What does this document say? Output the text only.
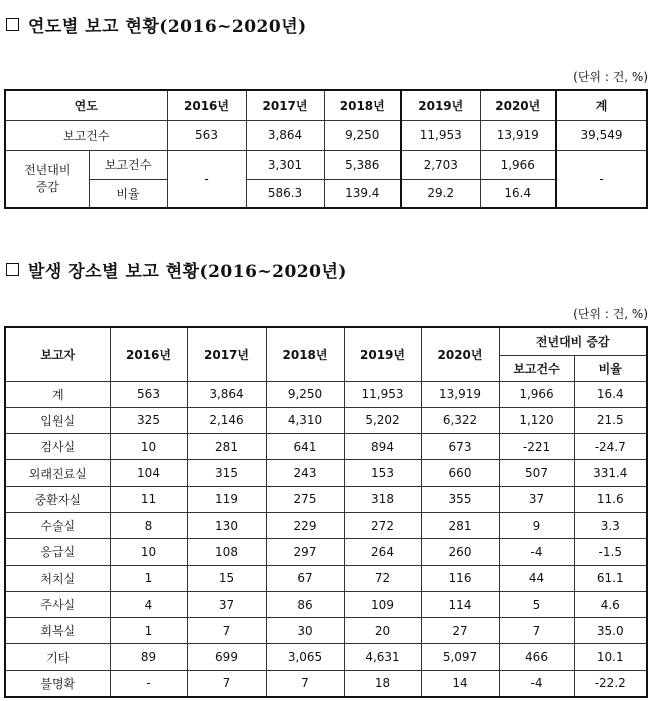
연도별 보고 현황(2016~2020년)
(단위 : 건, %)
연도		2016년	2017년	2018년	2019년	2020년	계
보고건수		563	3,864	9,250	11,953	13,919	39,549
전년대비
증감	보고건수	-	3,301	5,386	2,703	1,966	-
	비율		586.3	139.4	29.2	16.4	
발생 장소별 보고 현황(2016~2020년)
(단위 : 건, %)
보고자	2016년	2017년	2018년	2019년	2020년	전년대비 증감	
						보고건수	비율
계	563	3,864	9,250	11,953	13,919	1,966	16.4
입원실	325	2,146	4,310	5,202	6,322	1,120	21.5
검사실	10	281	641	894	673	-221	-24.7
외래진료실	104	315	243	153	660	507	331.4
중환자실	11	119	275	318	355	37	11.6
수술실	8	130	229	272	281	9	3.3
응급실	10	108	297	264	260	-4	-1.5
처치실	1	15	67	72	116	44	61.1
주사실	4	37	86	109	114	5	4.6
회복실	1	7	30	20	27	7	35.0
기타	89	699	3,065	4,631	5,097	466	10.1
불명확	-	7	7	18	14	-4	-22.2
